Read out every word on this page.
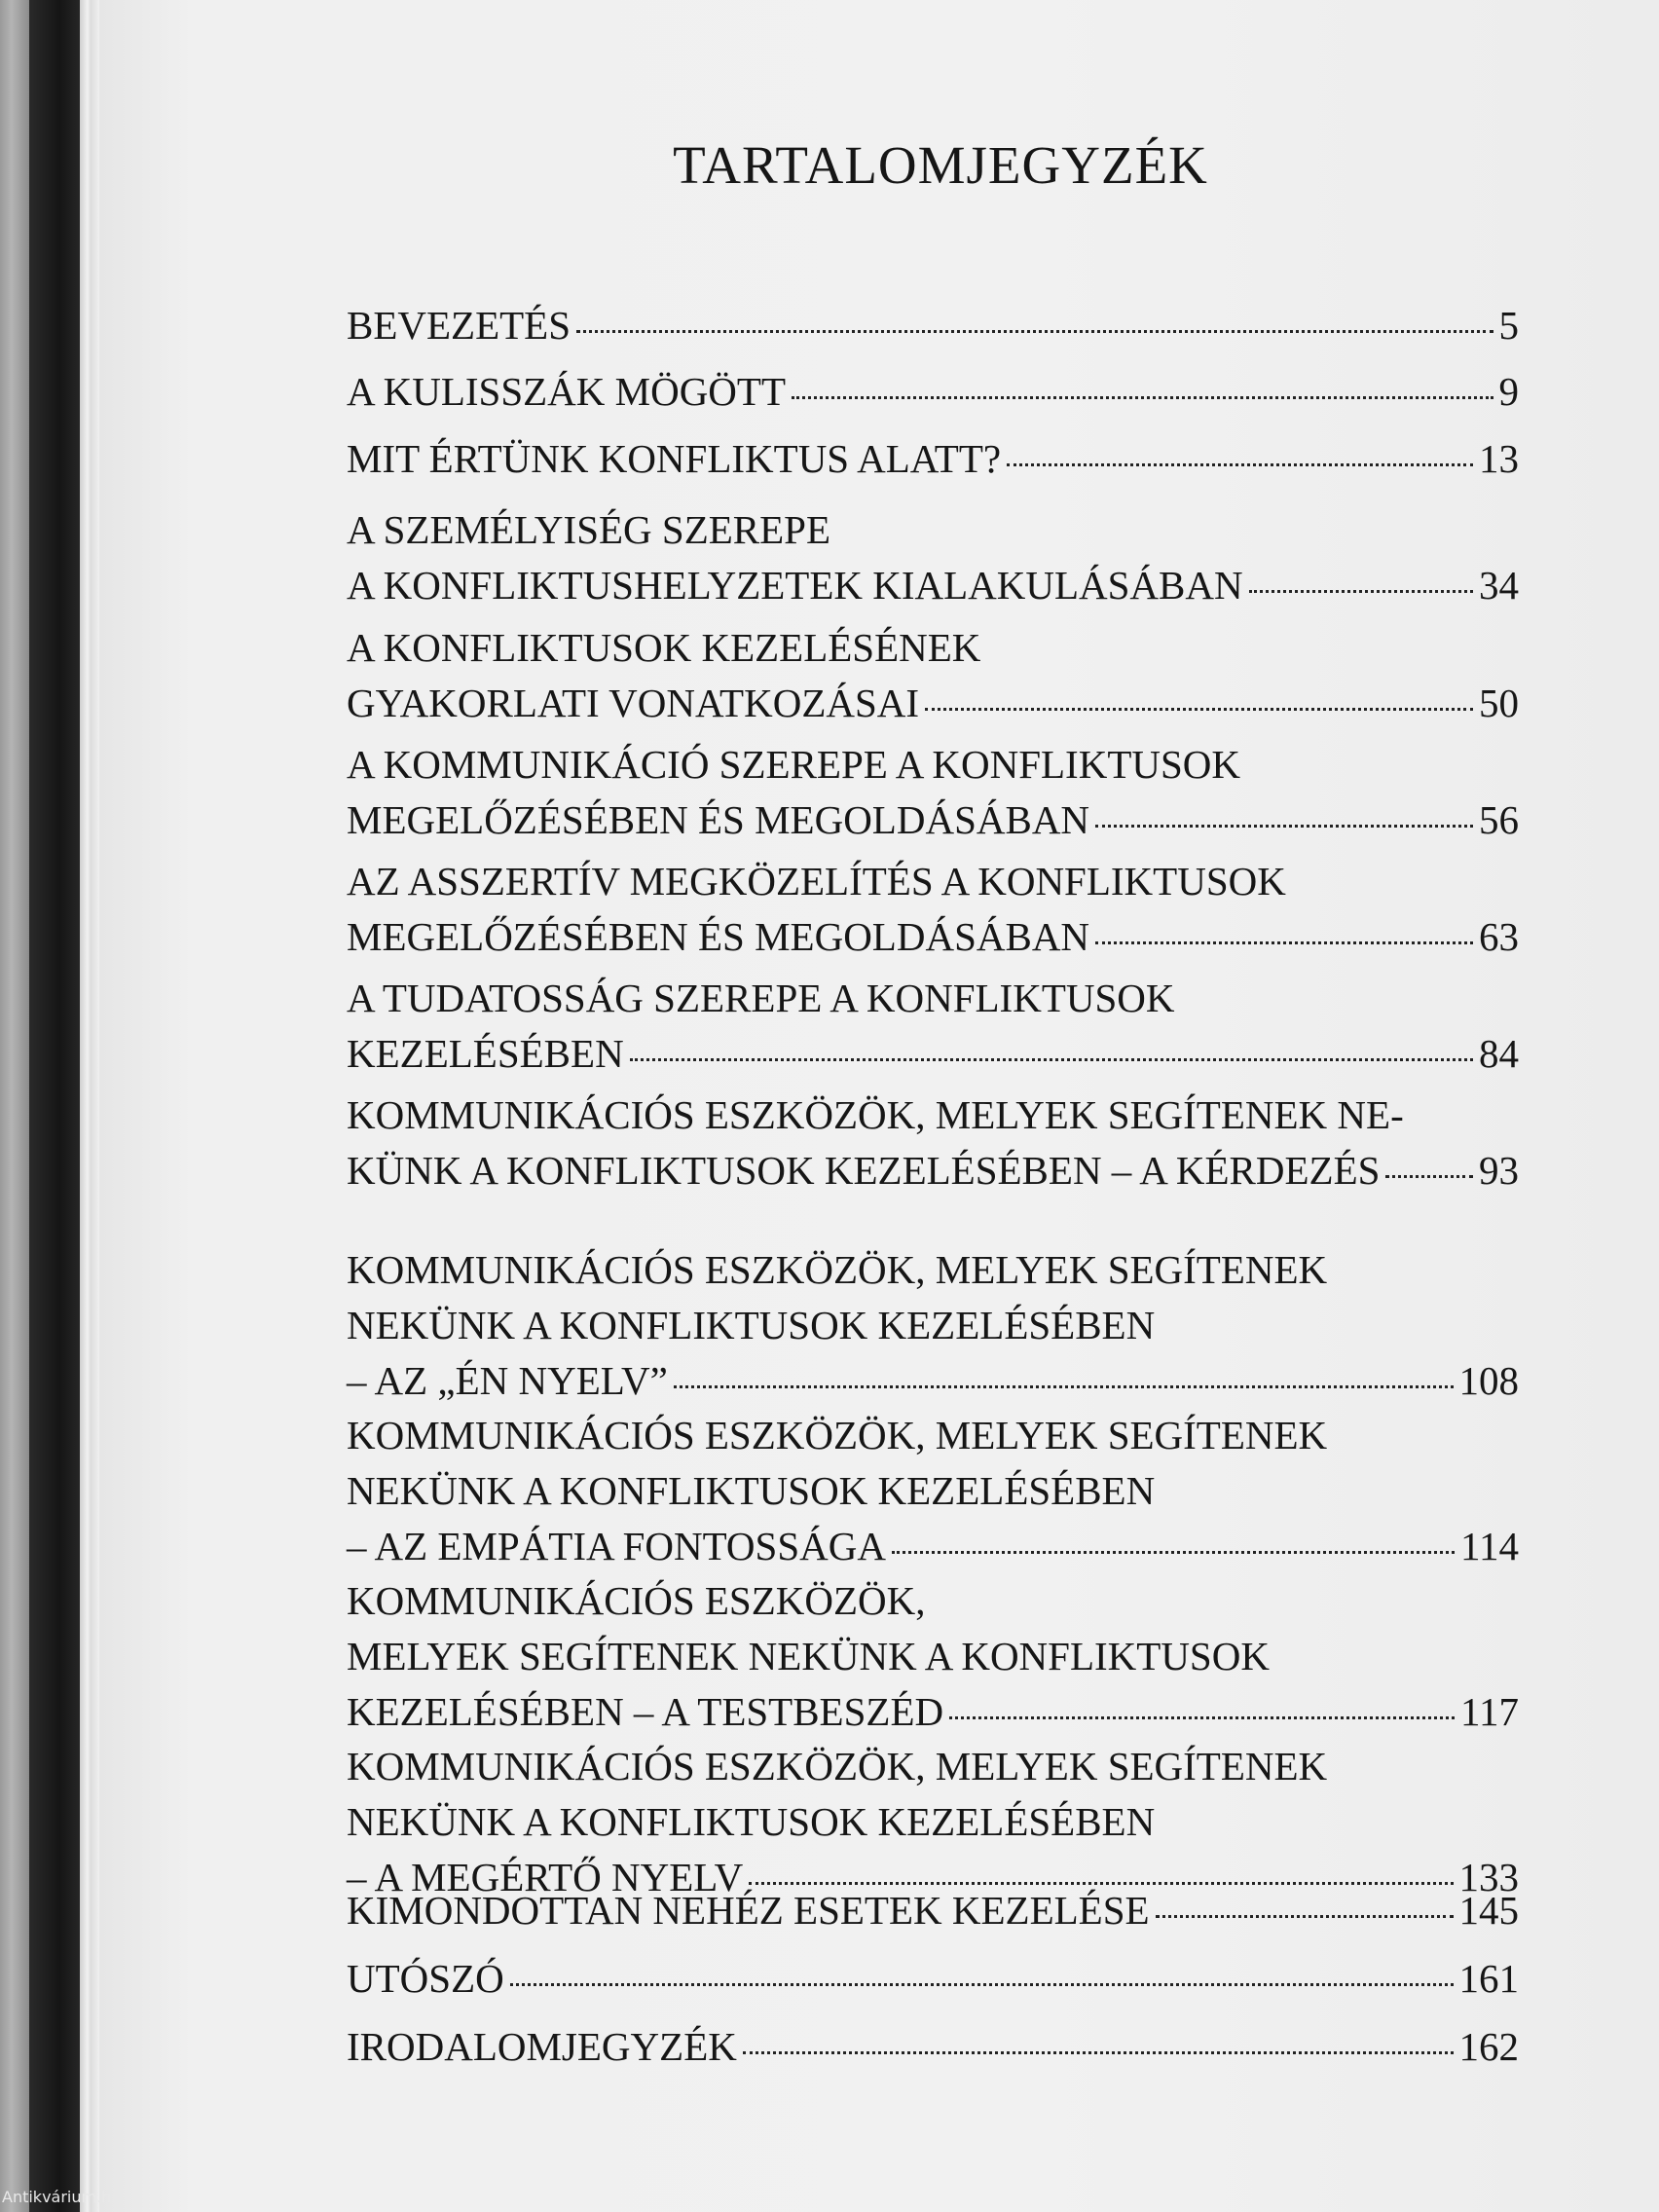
TARTALOMJEGYZÉK
BEVEZETÉS	5
A KULISSZÁK MÖGÖTT	9
MIT ÉRTÜNK KONFLIKTUS ALATT?	13
A SZEMÉLYISÉG SZEREPE
A KONFLIKTUSHELYZETEK KIALAKULÁSÁBAN	34
A KONFLIKTUSOK KEZELÉSÉNEK
GYAKORLATI VONATKOZÁSAI	50
A KOMMUNIKÁCIÓ SZEREPE A KONFLIKTUSOK
MEGELŐZÉSÉBEN ÉS MEGOLDÁSÁBAN	56
AZ ASSZERTÍV MEGKÖZELÍTÉS A KONFLIKTUSOK
MEGELŐZÉSÉBEN ÉS MEGOLDÁSÁBAN	63
A TUDATOSSÁG SZEREPE A KONFLIKTUSOK
KEZELÉSÉBEN	84
KOMMUNIKÁCIÓS ESZKÖZÖK, MELYEK SEGÍTENEK NE-
KÜNK A KONFLIKTUSOK KEZELÉSÉBEN – A KÉRDEZÉS 93
KOMMUNIKÁCIÓS ESZKÖZÖK, MELYEK SEGÍTENEK
NEKÜNK A KONFLIKTUSOK KEZELÉSÉBEN
– AZ „ÉN NYELV”	108
KOMMUNIKÁCIÓS ESZKÖZÖK, MELYEK SEGÍTENEK
NEKÜNK A KONFLIKTUSOK KEZELÉSÉBEN
– AZ EMPÁTIA FONTOSSÁGA	114
KOMMUNIKÁCIÓS ESZKÖZÖK,
MELYEK SEGÍTENEK NEKÜNK A KONFLIKTUSOK
KEZELÉSÉBEN – A TESTBESZÉD	117
KOMMUNIKÁCIÓS ESZKÖZÖK, MELYEK SEGÍTENEK
NEKÜNK A KONFLIKTUSOK KEZELÉSÉBEN
– A MEGÉRTŐ NYELV	133
KIMONDOTTAN NEHÉZ ESETEK KEZELÉSE	145
UTÓSZÓ	161
IRODALOMJEGYZÉK	162
Antikvárium.hu
